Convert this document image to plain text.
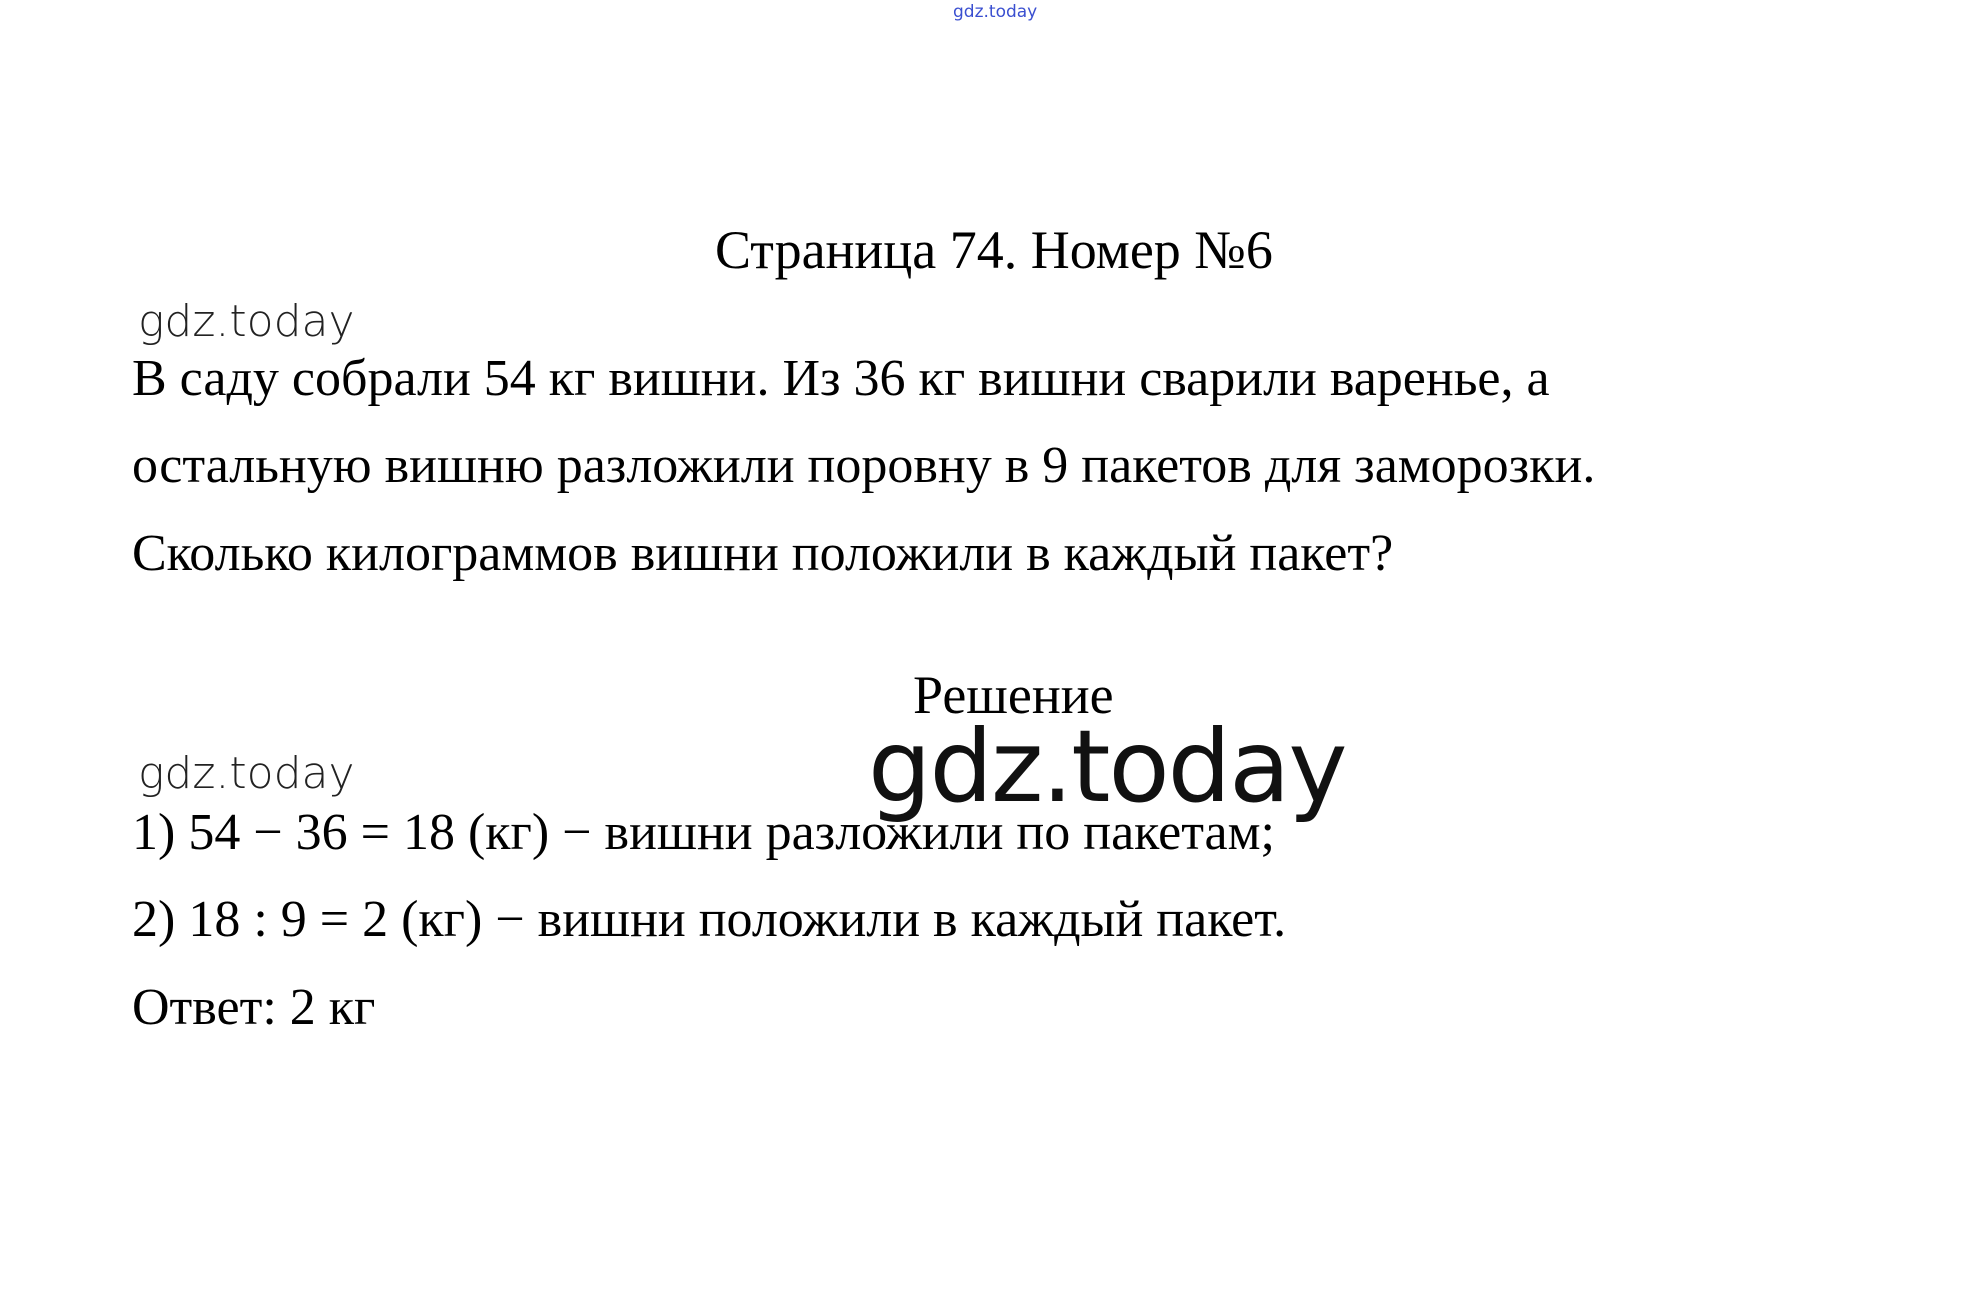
gdz.today
Страница 74. Номер №6
gdz.today
В саду собрали 54 кг вишни. Из 36 кг вишни сварили варенье, а
остальную вишню разложили поровну в 9 пакетов для заморозки.
Сколько килограммов вишни положили в каждый пакет?
Решение
gdz.today
gdz.today
1) 54 − 36 = 18 (кг) − вишни разложили по пакетам;
2) 18 : 9 = 2 (кг) − вишни положили в каждый пакет.
Ответ: 2 кг
